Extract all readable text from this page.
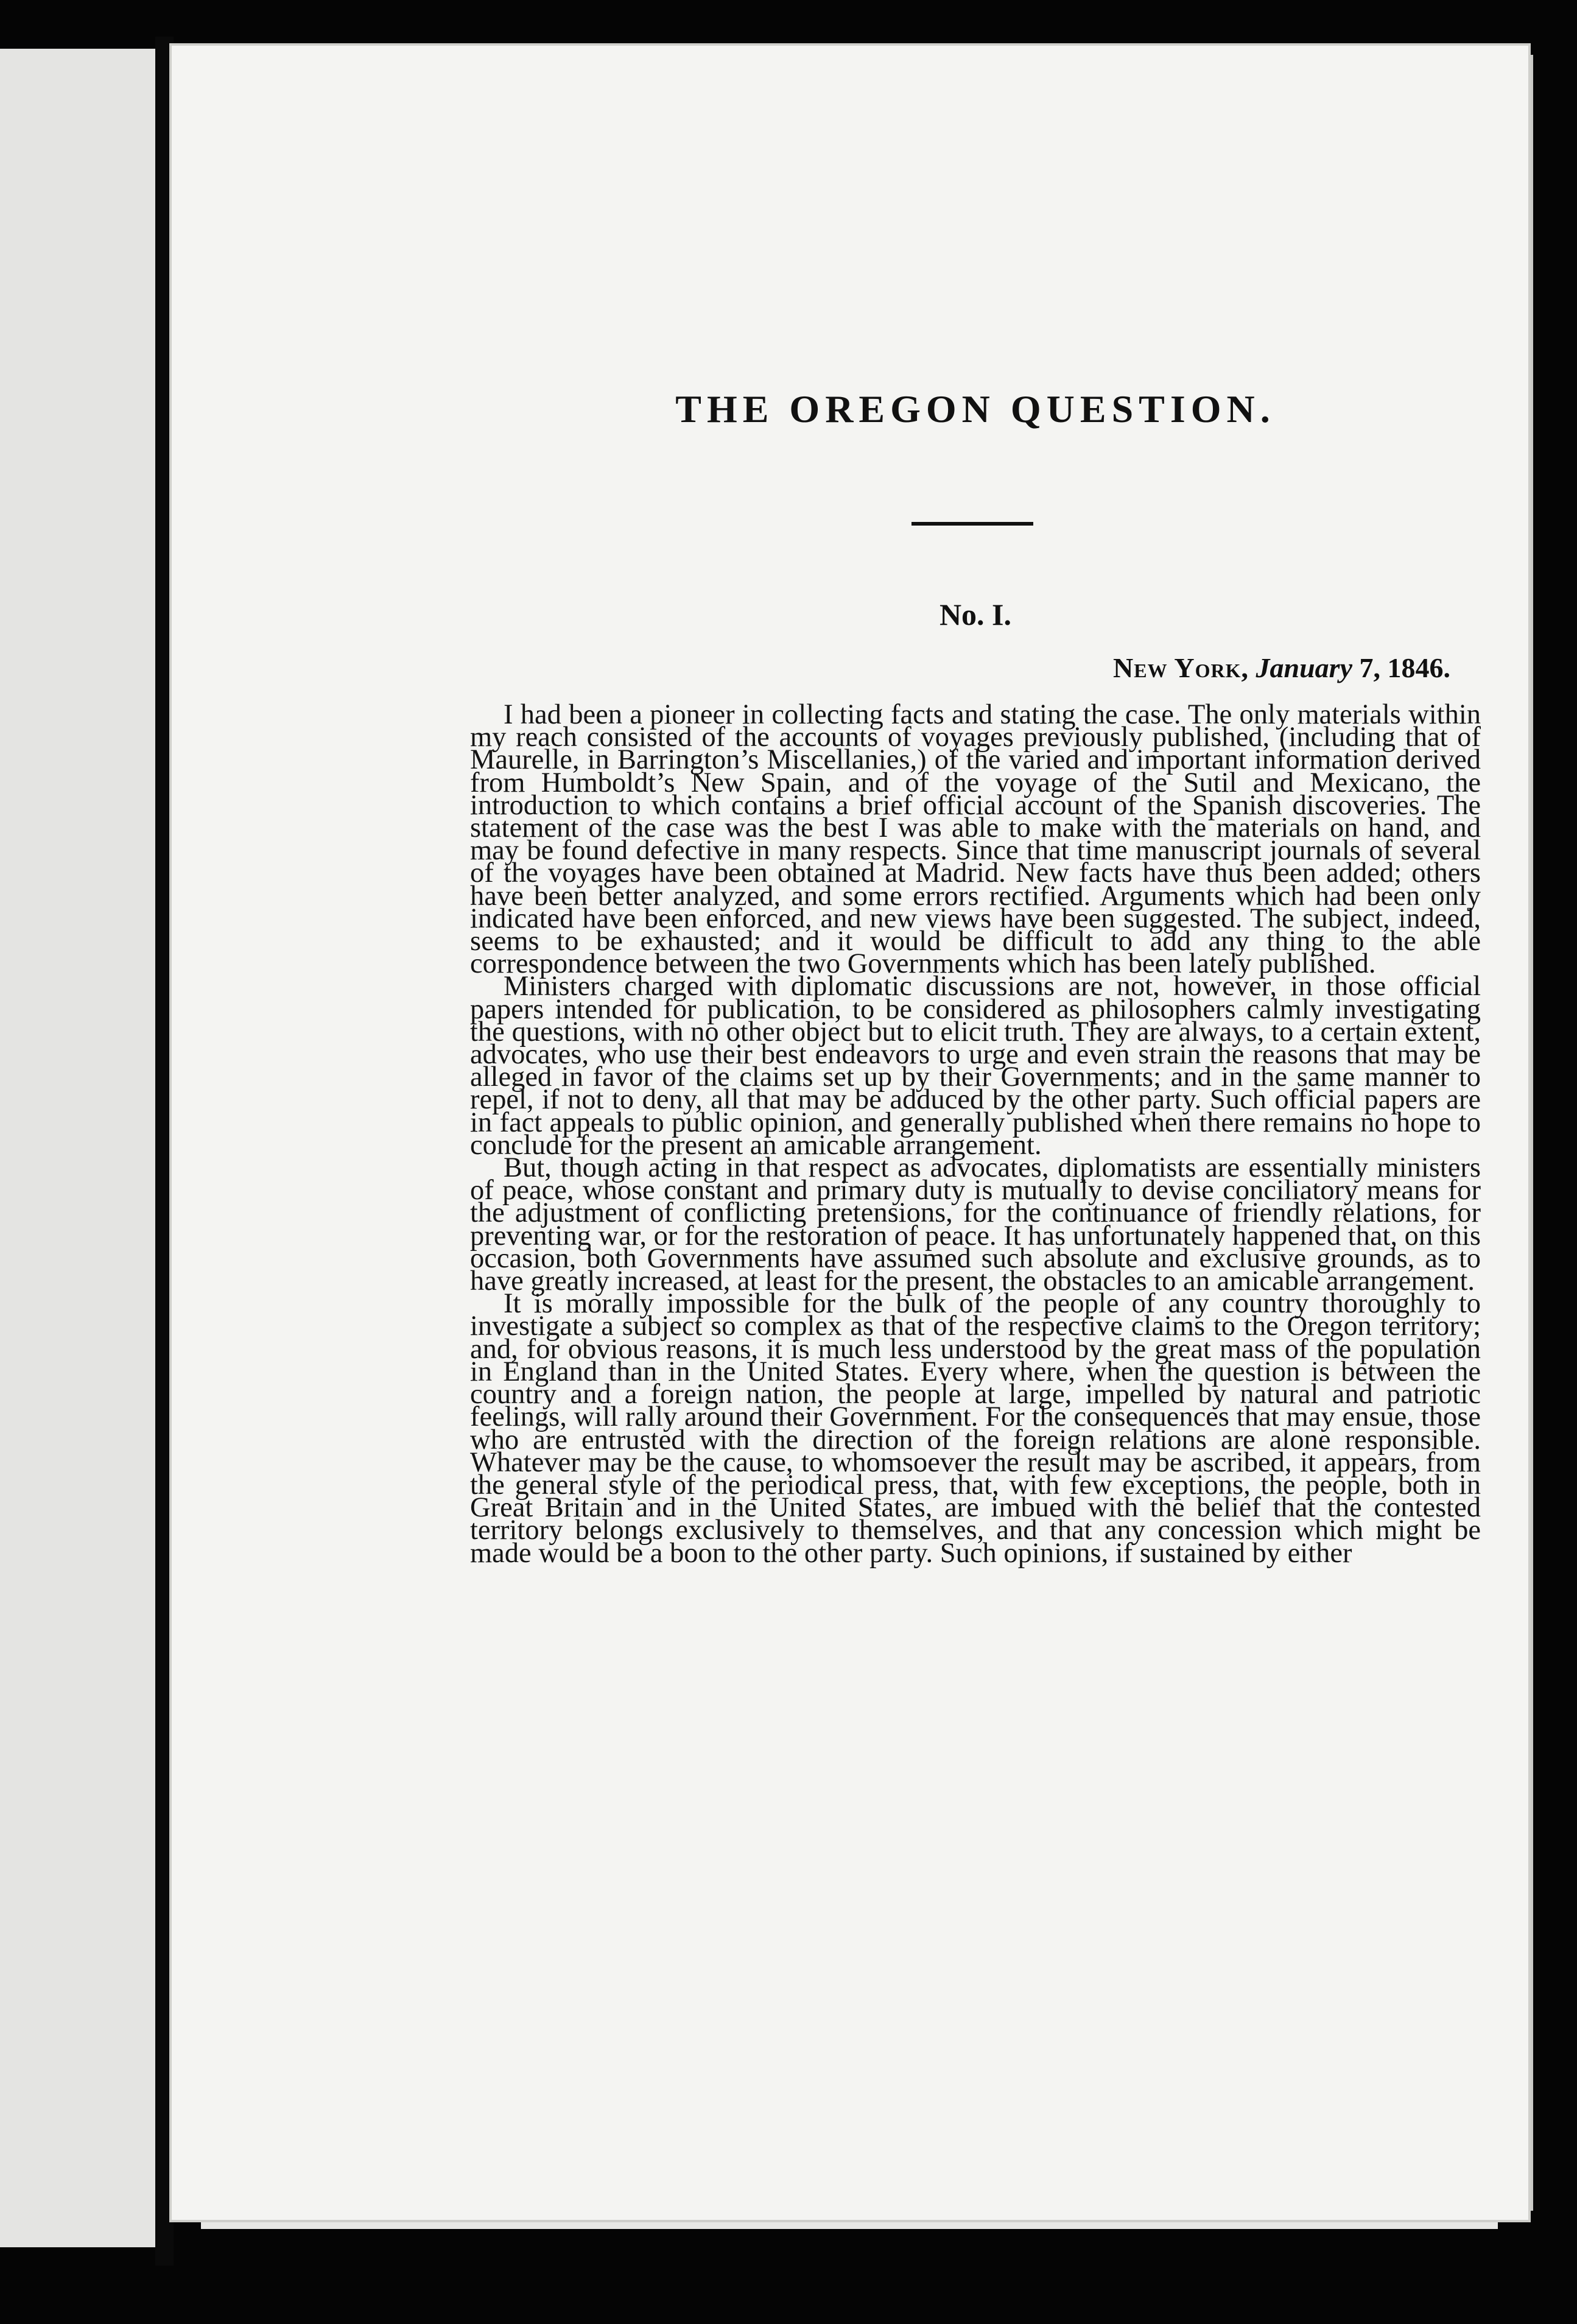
THE OREGON QUESTION.
No. I.
New York, January 7, 1846.

I had been a pioneer in collecting facts and stating the case. The only materials within my reach consisted of the accounts of voyages previously published, (including that of Maurelle, in Barrington’s Miscellanies,) of the varied and important information derived from Humboldt’s New Spain, and of the voyage of the Sutil and Mexicano, the introduction to which contains a brief official account of the Spanish discoveries. The statement of the case was the best I was able to make with the materials on hand, and may be found defective in many respects. Since that time manuscript journals of several of the voyages have been obtained at Madrid. New facts have thus been added; others have been better analyzed, and some errors rectified. Arguments which had been only indicated have been enforced, and new views have been suggested. The subject, indeed, seems to be exhausted; and it would be difficult to add any thing to the able correspondence between the two Governments which has been lately published.

Ministers charged with diplomatic discussions are not, however, in those official papers intended for publication, to be considered as philosophers calmly investigating the questions, with no other object but to elicit truth. They are always, to a certain extent, advocates, who use their best endeavors to urge and even strain the reasons that may be alleged in favor of the claims set up by their Governments; and in the same manner to repel, if not to deny, all that may be adduced by the other party. Such official papers are in fact appeals to public opinion, and generally published when there remains no hope to conclude for the present an amicable arrangement.

But, though acting in that respect as advocates, diplomatists are essentially ministers of peace, whose constant and primary duty is mutually to devise conciliatory means for the adjustment of conflicting pretensions, for the continuance of friendly relations, for preventing war, or for the restoration of peace. It has unfortunately happened that, on this occasion, both Governments have assumed such absolute and exclusive grounds, as to have greatly increased, at least for the present, the obstacles to an amicable arrangement.

It is morally impossible for the bulk of the people of any country thoroughly to investigate a subject so complex as that of the respective claims to the Oregon territory; and, for obvious reasons, it is much less understood by the great mass of the population in England than in the United States. Every where, when the question is between the country and a foreign nation, the people at large, impelled by natural and patriotic feelings, will rally around their Government. For the consequences that may ensue, those who are entrusted with the direction of the foreign relations are alone responsible. Whatever may be the cause, to whomsoever the result may be ascribed, it appears, from the general style of the periodical press, that, with few exceptions, the people, both in Great Britain and in the United States, are imbued with the belief that the contested territory belongs exclusively to themselves, and that any concession which might be made would be a boon to the other party. Such opinions, if sustained by either
